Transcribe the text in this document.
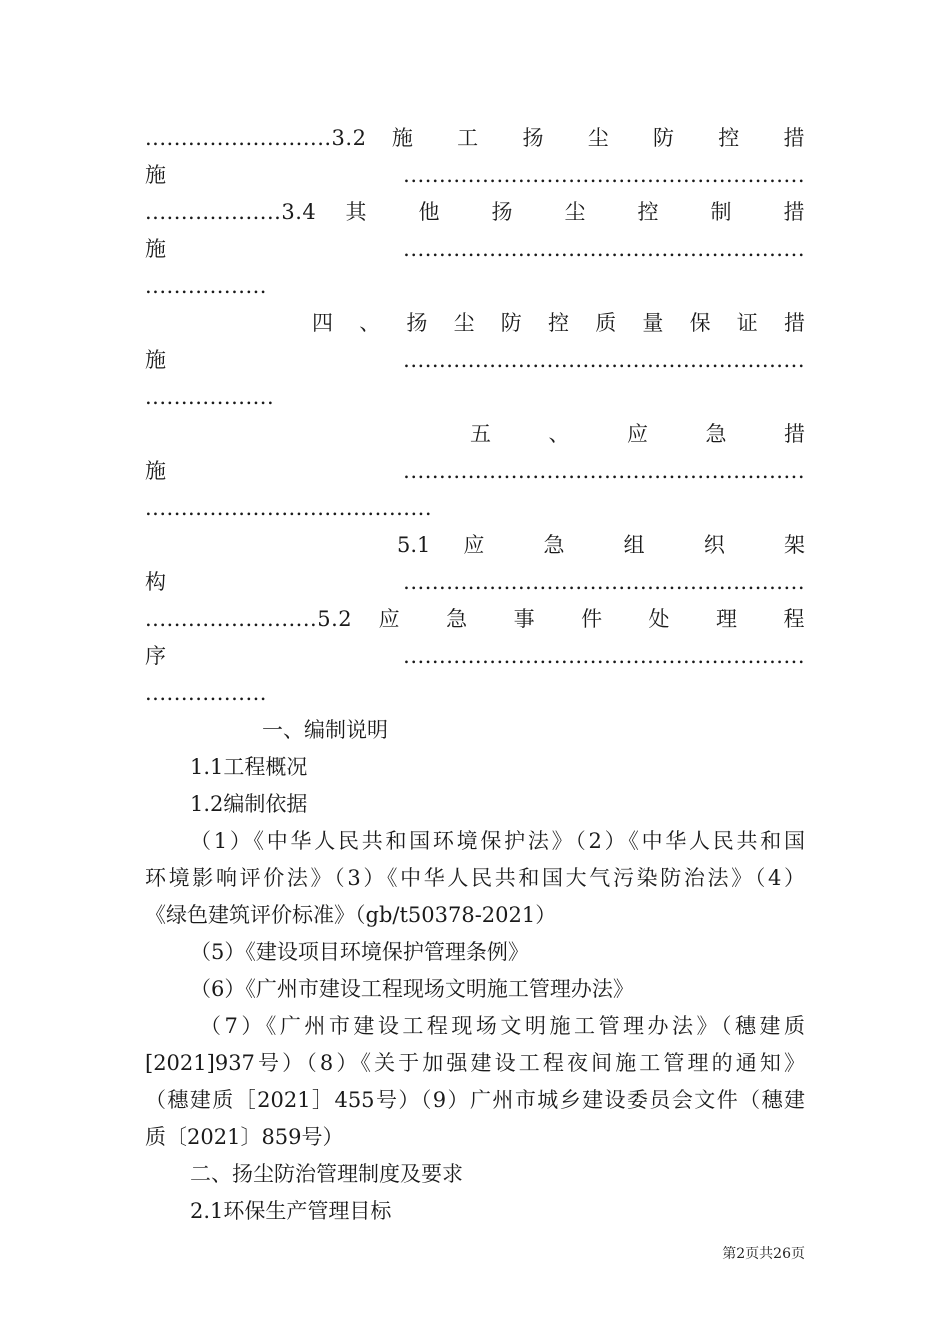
..........................3.2 施 工 扬 尘 防 控 措
施........................................................
...................3.4 其 他 扬 尘 控 制 措
施........................................................
.................
四 、 扬 尘 防 控 质 量 保 证 措
施........................................................
..................
五 、 应 急 措
施........................................................
........................................
5.1 应 急 组 织 架
构........................................................
........................5.2 应 急 事 件 处 理 程
序........................................................
.................
一、编制说明
1.1工程概况
1.2编制依据
（1）《中华人民共和国环境保护法》（2）《中华人民共和国
环境影响评价法》（3）《中华人民共和国大气污染防治法》（4）
《绿色建筑评价标准》（gb/t50378-2021）
（5）《建设项目环境保护管理条例》
（6）《广州市建设工程现场文明施工管理办法》
（7）《广州市建设工程现场文明施工管理办法》（穗建质
[2021]937号）（8）《关于加强建设工程夜间施工管理的通知》
（穗建质［2021］455号）（9）广州市城乡建设委员会文件（穗建
质〔2021〕859号）
二、扬尘防治管理制度及要求
2.1环保生产管理目标
第2页共26页
